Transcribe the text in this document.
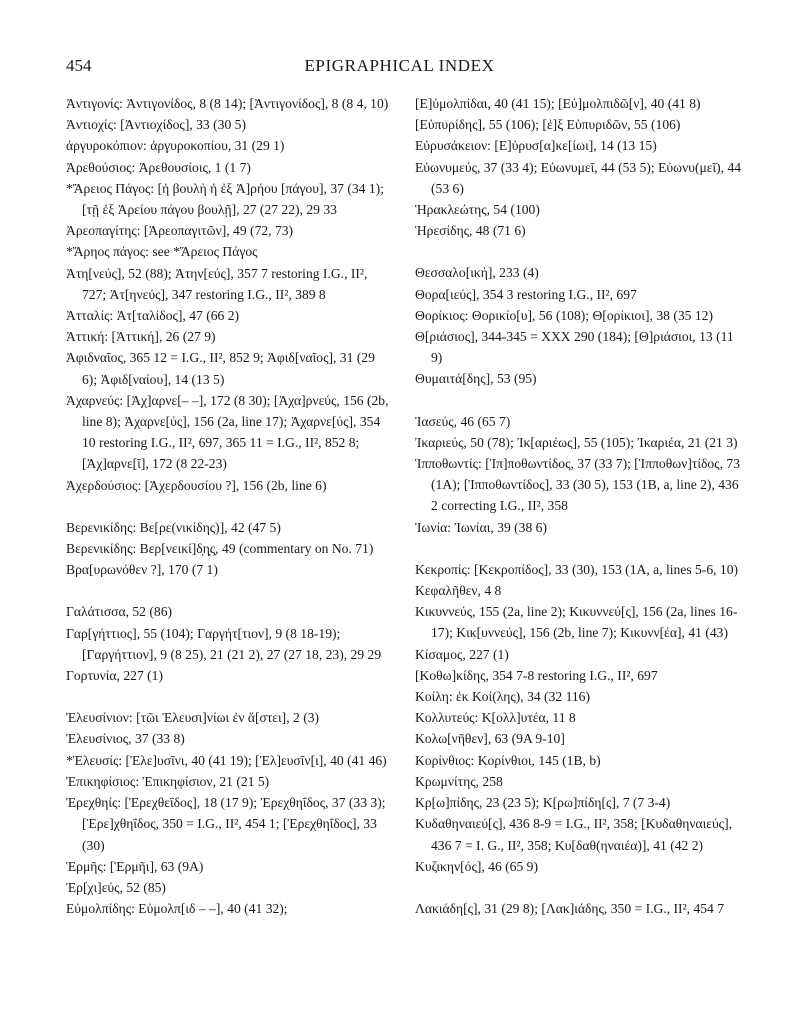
454	EPIGRAPHICAL INDEX
Ἀντιγονίς: Ἀντιγονίδος, 8 (8 14); [Ἀντιγονίδος], 8 (8 4, 10)
Ἀντιοχίς: [Ἀντιοχίδος], 33 (30 5)
ἀργυροκόπιον: ἀργυροκοπίου, 31 (29 1)
Ἀρεθούσιος: Ἀρεθουσίοις, 1 (1 7)
*Ἄρειος Πάγος: [ἡ βουλὴ ἡ ἐξ Ἀ]ρήου [πάγου], 37 (34 1); [τῇ ἐξ Ἀρείου πάγου βουλῇ], 27 (27 22), 29 33
Ἀρεοπαγίτης: [Ἀρεοπαγιτῶν], 49 (72, 73)
*Ἄρηος πάγος: see *Ἄρειος Πάγος
Ἀτη[νεύς], 52 (88); Ἀτην[εύς], 357 7 restoring I.G., II², 727; Ἀτ[ηνεύς], 347 restoring I.G., II², 389 8
Ἀτταλίς: Ἀτ[ταλίδος], 47 (66 2)
Ἀττική: [Ἀττική], 26 (27 9)
Ἀφιδναῖος, 365 12 = I.G., II², 852 9; Ἀφιδ[ναῖος], 31 (29 6); Ἀφιδ[ναίου], 14 (13 5)
Ἀχαρνεύς: [Ἀχ]αρνε[– –], 172 (8 30); [Ἀχα]ρνεύς, 156 (2b, line 8); Ἀχαρνε[ύς], 156 (2a, line 17); Ἀχαρνε[ύς], 354 10 restoring I.G., II², 697, 365 11 = I.G., II², 852 8; [Ἀχ]αρνε[ῖ], 172 (8 22-23)
Ἀχερδούσιος: [Ἀχερδουσίου ?], 156 (2b, line 6)
Βερενικίδης: Βε[ρε(νικίδης)], 42 (47 5)
Βερενικίδης: Βερ[νεικί]δ̣η̣ς̣, 49 (commentary on No. 71)
Βρα[υρωνόθεν ?], 170 (7 1)
Γαλάτισσα, 52 (86)
Γαρ[γήττιος], 55 (104); Γαργήτ[τιον], 9 (8 18-19); [Γαργήττιον], 9 (8 25), 21 (21 2), 27 (27 18, 23), 29 29
Γορτυνία, 227 (1)
Ἐλευσίνιον: [τῶι Ἐλευσι]νίωι ἐν ἄ[στει], 2 (3)
Ἐλευσίνιος, 37 (33 8)
*Ἐλευσίς: [Ἐλε]υσῖνι, 40 (41 19); [Ἐλ]ευσῖν[ι], 40 (41 46)
Ἐπικηφίσιος: Ἐπικηφίσιον, 21 (21 5)
Ἐρεχθηίς: [Ἐρεχθεΐδος], 18 (17 9); Ἐρεχθηΐδος, 37 (33 3); [Ἐρε]χθηΐδος, 350 = I.G., II², 454 1; [Ἐρεχθηΐδος], 33 (30)
Ἑρμῆς: [Ἑρμῆι], 63 (9A)
Ἐρ[χι]εύς, 52 (85)
Εὐμολπίδης: Εὐμολπ[ιδ – –], 40 (41 32);
[Ε]ὐμολπίδαι, 40 (41 15); [Εὐ]μολπιδῶ[ν], 40 (41 8)
[Εὐπυρίδης], 55 (106); [ἐ]ξ Εὐπυριδῶν, 55 (106)
Εὐρυσάκειον: [Ε]ὐρυσ[α]κε[ίωι], 14 (13 15)
Εὐωνυμεύς, 37 (33 4); Εὐωνυμεῖ, 44 (53 5); Εὐωνυ(μεῖ), 44 (53 6)
Ἡρακλεώτης, 54 (100)
Ἡρεσίδης, 48 (71 6)
Θεσσαλο[ική], 233 (4)
Θορα[ιεύς], 354 3 restoring I.G., II², 697
Θορίκιος: Θορικίο[υ], 56 (108); Θ[ορίκιοι], 38 (35 12)
Θ[ριάσιος], 344-345 = XXX 290 (184); [Θ]ριάσιοι, 13 (11 9)
Θυμαιτά[δης], 53 (95)
Ἰασεύς, 46 (65 7)
Ἰκαριεύς, 50 (78); Ἰκ[αριέως], 55 (105); Ἰκαριέα, 21 (21 3)
Ἱπποθωντίς: [Ἱπ]ποθωντίδος, 37 (33 7); [Ἱπποθων]τίδος, 73 (1A); [Ἱπποθωντίδος], 33 (30 5), 153 (1B, a, line 2), 436 2 correcting I.G., II², 358
Ἰωνία: Ἰωνίαι, 39 (38 6)
Κεκροπίς: [Κεκροπίδος], 33 (30), 153 (1A, a, lines 5-6, 10)
Κεφαλῆθεν, 4 8
Κικυννεύς, 155 (2a, line 2); Κικυννεύ[ς], 156 (2a, lines 16-17); Κικ[υννεύς], 156 (2b, line 7); Κικυνν[έα], 41 (43)
Κίσαμος, 227 (1)
[Κοθω]κίδης, 354 7-8 restoring I.G., II², 697
Κοίλη: ἐκ Κοί(λης), 34 (32 116)
Κολλυτεύς: Κ[ολλ]υτέα, 11 8
Κολω[νῆθεν], 63 (9A 9-10]
Κορίνθιος: Κορίνθιοι, 145 (1B, b)
Κρωμνίτης, 258
Κρ[ω]πίδης, 23 (23 5); Κ[ρω]πίδη[ς], 7 (7 3-4)
Κυδαθηναιεύ[ς], 436 8-9 = I.G., II², 358; [Κυδαθηναιεύς], 436 7 = I. G., II², 358; Κυ[δαθ(ηναιέα)], 41 (42 2)
Κυζικην[ός], 46 (65 9)
Λακιάδη[ς], 31 (29 8); [Λακ]ιάδης, 350 = I.G., II², 454 7
